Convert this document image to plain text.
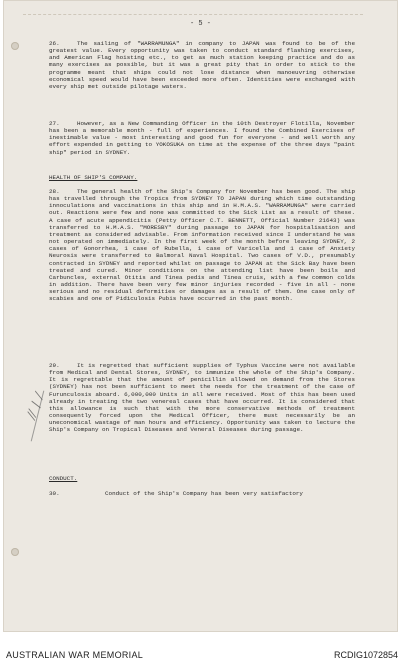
- 5 -
26.	The sailing of "WARRAMUNGA" in company to JAPAN was found to be of the greatest value. Every opportunity was taken to conduct standard flashing exercises, and American Flag hoisting etc., to get as much station keeping practice and do as many exercises as possible, but it was a great pity that in order to stick to the programme meant that ships could not lose distance when manoeuvring otherwise economical speed would have been exceeded more often. Identities were exchanged with every ship met outside pilotage waters.
27.	However, as a New Commanding Officer in the 10th Destroyer Flotilla, November has been a memorable month - full of experiences. I found the Combined Exercises of inestimable value - most interesting and good fun for everyone - and well worth any effort expended in getting to YOKOSUKA on time at the expense of the three days "paint ship" period in SYDNEY.
HEALTH OF SHIP'S COMPANY.
28.	The general health of the Ship's Company for November has been good. The ship has travelled through the Tropics from SYDNEY TO JAPAN during which time outstanding innoculations and vaccinations in this ship and in H.M.A.S. "WARRAMUNGA" were carried out. Reactions were few and none was committed to the Sick List as a result of these. A case of acute appendicitis (Petty Officer C.T. BENNETT, Official Number 21643) was transferred to H.M.A.S. "MORESBY" during passage to JAPAN for hospitalisation and treatment as considered advisable. From information received since I understand he was not operated on immediately. In the first week of the month before leaving SYDNEY, 2 cases of Gonorrhea, 1 case of Rubella, 1 case of Varicella and 1 case of Anxiety Neurosis were transferred to Balmoral Naval Hospital. Two cases of V.D., presumably contracted in SYDNEY and reported whilst on passage to JAPAN at the Sick Bay have been treated and cured. Minor conditions on the attending list have been boils and Carbuncles, external Otitis and Tinea pedis and Tinea cruis, with a few common colds in addition. There have been very few minor injuries recorded - five in all - none serious and no residual deformities or damages as a result of them. One case only of scabies and one of Pidiculosis Pubis have occurred in the past month.
29.	It is regretted that sufficient supplies of Typhus Vaccine were not available from Medical and Dental Stores, SYDNEY, to immunize the whole of the Ship's Company. It is regrettable that the amount of penicillin allowed on demand from the Stores (SYDNEY) has not been sufficient to meet the needs for the treatment of the case of Furunculosis aboard. 6,000,000 Units in all were received. Most of this has been used already in treating the two venereal cases that have occurred. It is considered that this allowance is such that with the more conservative methods of treatment consequently forced upon the Medical Officer, there must necessarily be an uneconomical wastage of man hours and efficiency. Opportunity was taken to lecture the Ship's Company on Tropical Diseases and Veneral Diseases during passage.
CONDUCT.
30.	Conduct of the Ship's Company has been very satisfactory
⁄⁄ ∕ ⁄
AUSTRALIAN WAR MEMORIAL	RCDIG1072854
